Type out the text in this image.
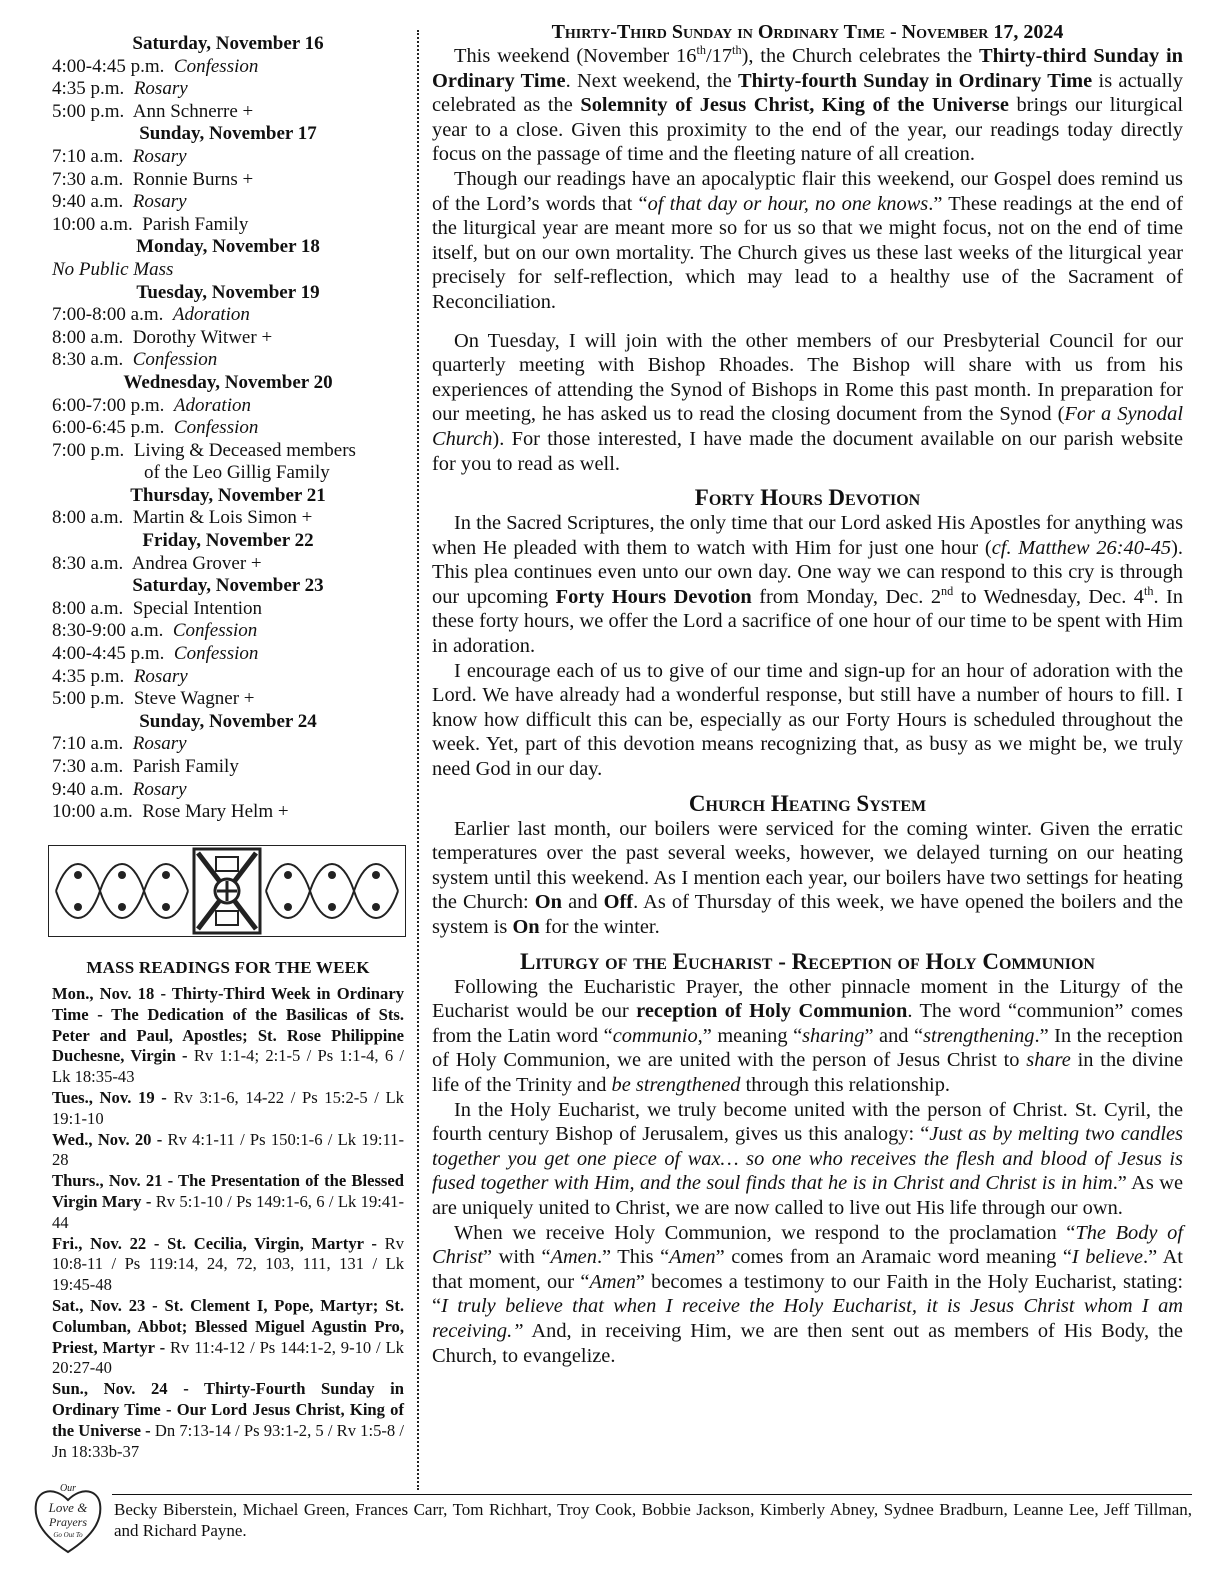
Saturday, November 16
4:00-4:45 p.m. Confession
4:35 p.m. Rosary
5:00 p.m. Ann Schnerre +
Sunday, November 17
7:10 a.m. Rosary
7:30 a.m. Ronnie Burns +
9:40 a.m. Rosary
10:00 a.m. Parish Family
Monday, November 18
No Public Mass
Tuesday, November 19
7:00-8:00 a.m. Adoration
8:00 a.m. Dorothy Witwer +
8:30 a.m. Confession
Wednesday, November 20
6:00-7:00 p.m. Adoration
6:00-6:45 p.m. Confession
7:00 p.m. Living & Deceased members
of the Leo Gillig Family
Thursday, November 21
8:00 a.m. Martin & Lois Simon +
Friday, November 22
8:30 a.m. Andrea Grover +
Saturday, November 23
8:00 a.m. Special Intention
8:30-9:00 a.m. Confession
4:00-4:45 p.m. Confession
4:35 p.m. Rosary
5:00 p.m. Steve Wagner +
Sunday, November 24
7:10 a.m. Rosary
7:30 a.m. Parish Family
9:40 a.m. Rosary
10:00 a.m. Rose Mary Helm +
MASS READINGS FOR THE WEEK

Mon., Nov. 18 - Thirty-Third Week in Ordinary Time - The Dedication of the Basilicas of Sts. Peter and Paul, Apostles; St. Rose Philippine Duchesne, Virgin - Rv 1:1-4; 2:1-5 / Ps 1:1-4, 6 / Lk 18:35-43

Tues., Nov. 19 - Rv 3:1-6, 14-22 / Ps 15:2-5 / Lk 19:1-10

Wed., Nov. 20 - Rv 4:1-11 / Ps 150:1-6 / Lk 19:11-28

Thurs., Nov. 21 - The Presentation of the Blessed Virgin Mary - Rv 5:1-10 / Ps 149:1-6, 6 / Lk 19:41-44

Fri., Nov. 22 - St. Cecilia, Virgin, Martyr - Rv 10:8-11 / Ps 119:14, 24, 72, 103, 111, 131 / Lk 19:45-48

Sat., Nov. 23 - St. Clement I, Pope, Martyr; St. Columban, Abbot; Blessed Miguel Agustin Pro, Priest, Martyr - Rv 11:4-12 / Ps 144:1-2, 9-10 / Lk 20:27-40

Sun., Nov. 24 - Thirty-Fourth Sunday in Ordinary Time - Our Lord Jesus Christ, King of the Universe - Dn 7:13-14 / Ps 93:1-2, 5 / Rv 1:5-8 / Jn 18:33b-37

Thirty-Third Sunday in Ordinary Time - November 17, 2024

This weekend (November 16th/17th), the Church celebrates the Thirty-third Sunday in Ordinary Time. Next weekend, the Thirty-fourth Sunday in Ordinary Time is actually celebrated as the Solemnity of Jesus Christ, King of the Universe brings our liturgical year to a close. Given this proximity to the end of the year, our readings today directly focus on the passage of time and the fleeting nature of all creation.

Though our readings have an apocalyptic flair this weekend, our Gospel does remind us of the Lord’s words that “of that day or hour, no one knows.” These readings at the end of the liturgical year are meant more so for us so that we might focus, not on the end of time itself, but on our own mortality. The Church gives us these last weeks of the liturgical year precisely for self-reflection, which may lead to a healthy use of the Sacrament of Reconciliation.

On Tuesday, I will join with the other members of our Presbyterial Council for our quarterly meeting with Bishop Rhoades. The Bishop will share with us from his experiences of attending the Synod of Bishops in Rome this past month. In preparation for our meeting, he has asked us to read the closing document from the Synod (For a Synodal Church). For those interested, I have made the document available on our parish website for you to read as well.

Forty Hours Devotion

In the Sacred Scriptures, the only time that our Lord asked His Apostles for anything was when He pleaded with them to watch with Him for just one hour (cf. Matthew 26:40-45). This plea continues even unto our own day. One way we can respond to this cry is through our upcoming Forty Hours Devotion from Monday, Dec. 2nd to Wednesday, Dec. 4th. In these forty hours, we offer the Lord a sacrifice of one hour of our time to be spent with Him in adoration.

I encourage each of us to give of our time and sign-up for an hour of adoration with the Lord. We have already had a wonderful response, but still have a number of hours to fill. I know how difficult this can be, especially as our Forty Hours is scheduled throughout the week. Yet, part of this devotion means recognizing that, as busy as we might be, we truly need God in our day.

Church Heating System

Earlier last month, our boilers were serviced for the coming winter. Given the erratic temperatures over the past several weeks, however, we delayed turning on our heating system until this weekend. As I mention each year, our boilers have two settings for heating the Church: On and Off. As of Thursday of this week, we have opened the boilers and the system is On for the winter.

Liturgy of the Eucharist - Reception of Holy Communion

Following the Eucharistic Prayer, the other pinnacle moment in the Liturgy of the Eucharist would be our reception of Holy Communion. The word “communion” comes from the Latin word “communio,” meaning “sharing” and “strengthening.” In the reception of Holy Communion, we are united with the person of Jesus Christ to share in the divine life of the Trinity and be strengthened through this relationship.

In the Holy Eucharist, we truly become united with the person of Christ. St. Cyril, the fourth century Bishop of Jerusalem, gives us this analogy: “Just as by melting two candles together you get one piece of wax… so one who receives the flesh and blood of Jesus is fused together with Him, and the soul finds that he is in Christ and Christ is in him.” As we are uniquely united to Christ, we are now called to live out His life through our own.

When we receive Holy Communion, we respond to the proclamation “The Body of Christ” with “Amen.” This “Amen” comes from an Aramaic word meaning “I believe.” At that moment, our “Amen” becomes a testimony to our Faith in the Holy Eucharist, stating: “I truly believe that when I receive the Holy Eucharist, it is Jesus Christ whom I am receiving.” And, in receiving Him, we are then sent out as members of His Body, the Church, to evangelize.

Our
Love &
Prayers
Go Out To
Becky Biberstein, Michael Green, Frances Carr, Tom Richhart, Troy Cook, Bobbie Jackson, Kimberly Abney, Sydnee Bradburn, Leanne Lee, Jeff Tillman, and Richard Payne.
